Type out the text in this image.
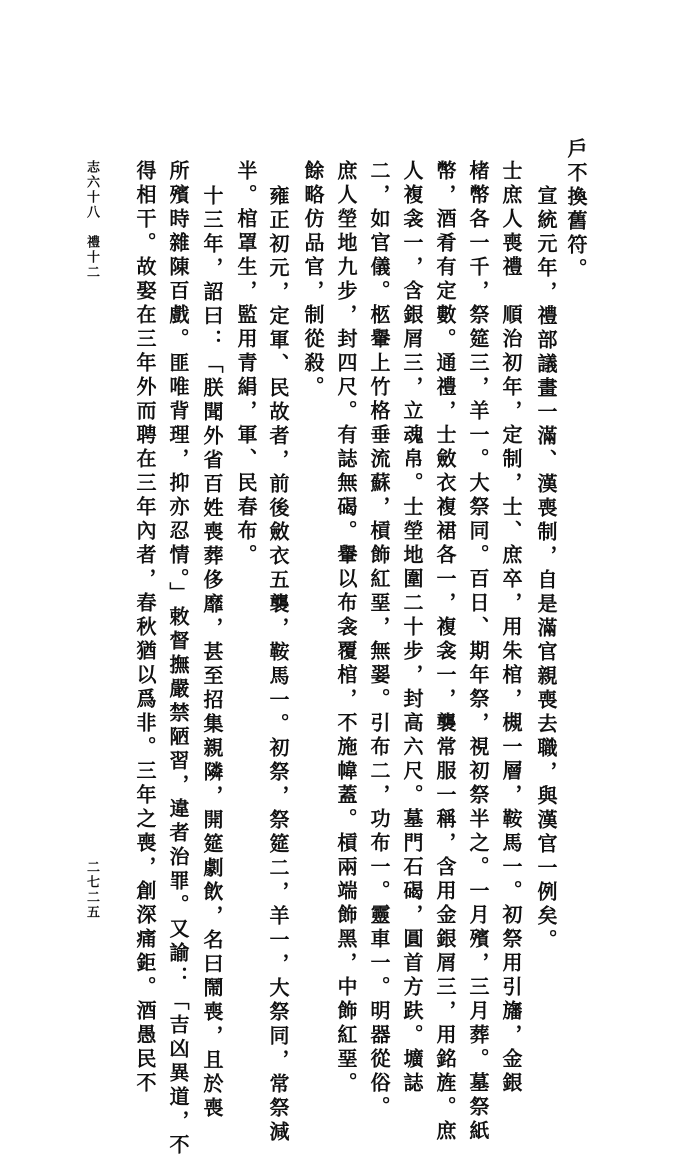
戶不換舊符。
宣統元年，禮部議畫一滿、漢喪制，自是滿官親喪去職，與漢官一例矣。
士庶人喪禮　順治初年，定制，士、庶卒，用朱棺，槻一層，鞍馬一。初祭用引旛，金銀
楮幣各一千，祭筵三，羊一。大祭同。百日、期年祭，視初祭半之。一月殯，三月葬。墓祭紙
幣，酒肴有定數。通禮，士斂衣複裙各一，複衾一，襲常服一稱，含用金銀屑三，用銘旌。庶
人複衾一，含銀屑三，立魂帛。士塋地圍二十步，封高六尺。墓門石碣，圓首方趺。壙誌
二，如官儀。柩轝上竹格垂流蘇，槓飾紅堊，無翣。引布二，功布一。靈車一。明器從俗。
庶人塋地九步，封四尺。有誌無碣。轝以布衾覆棺，不施幃蓋。槓兩端飾黑，中飾紅堊。
餘略仿品官，制從殺。
雍正初元，定軍、民故者，前後斂衣五襲，鞍馬一。初祭，祭筵二，羊一，大祭同，常祭減
半。棺罩生，監用青絹，軍、民春布。
十三年，詔曰：「朕聞外省百姓喪葬侈靡，甚至招集親隣，開筵劇飲，名曰鬧喪，且於喪
所殯時雜陳百戲。匪唯背理，抑亦忍情。」敕督撫嚴禁陋習，違者治罪。又諭：「吉凶異道，不
得相干。故娶在三年外而聘在三年內者，春秋猶以爲非。三年之喪，創深痛鉅。酒愚民不
志六十八　禮十二
二七二五
